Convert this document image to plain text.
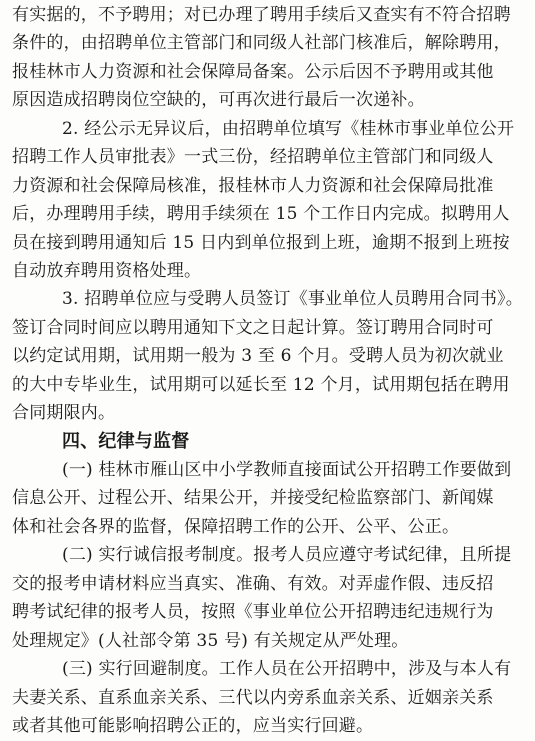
有实据的，不予聘用；对已办理了聘用手续后又查实有不符合招聘
条件的，由招聘单位主管部门和同级人社部门核准后，解除聘用，
报桂林市人力资源和社会保障局备案。公示后因不予聘用或其他
原因造成招聘岗位空缺的，可再次进行最后一次递补。
2. 经公示无异议后，由招聘单位填写《桂林市事业单位公开
招聘工作人员审批表》一式三份，经招聘单位主管部门和同级人
力资源和社会保障局核准，报桂林市人力资源和社会保障局批准
后，办理聘用手续，聘用手续须在 15 个工作日内完成。拟聘用人
员在接到聘用通知后 15 日内到单位报到上班，逾期不报到上班按
自动放弃聘用资格处理。
3. 招聘单位应与受聘人员签订《事业单位人员聘用合同书》。
签订合同时间应以聘用通知下文之日起计算。签订聘用合同时可
以约定试用期，试用期一般为 3 至 6 个月。受聘人员为初次就业
的大中专毕业生，试用期可以延长至 12 个月，试用期包括在聘用
合同期限内。
四、纪律与监督
(一) 桂林市雁山区中小学教师直接面试公开招聘工作要做到
信息公开、过程公开、结果公开，并接受纪检监察部门、新闻媒
体和社会各界的监督，保障招聘工作的公开、公平、公正。
(二) 实行诚信报考制度。报考人员应遵守考试纪律，且所提
交的报考申请材料应当真实、准确、有效。对弄虚作假、违反招
聘考试纪律的报考人员，按照《事业单位公开招聘违纪违规行为
处理规定》(人社部令第 35 号) 有关规定从严处理。
(三) 实行回避制度。工作人员在公开招聘中，涉及与本人有
夫妻关系、直系血亲关系、三代以内旁系血亲关系、近姻亲关系
或者其他可能影响招聘公正的，应当实行回避。
